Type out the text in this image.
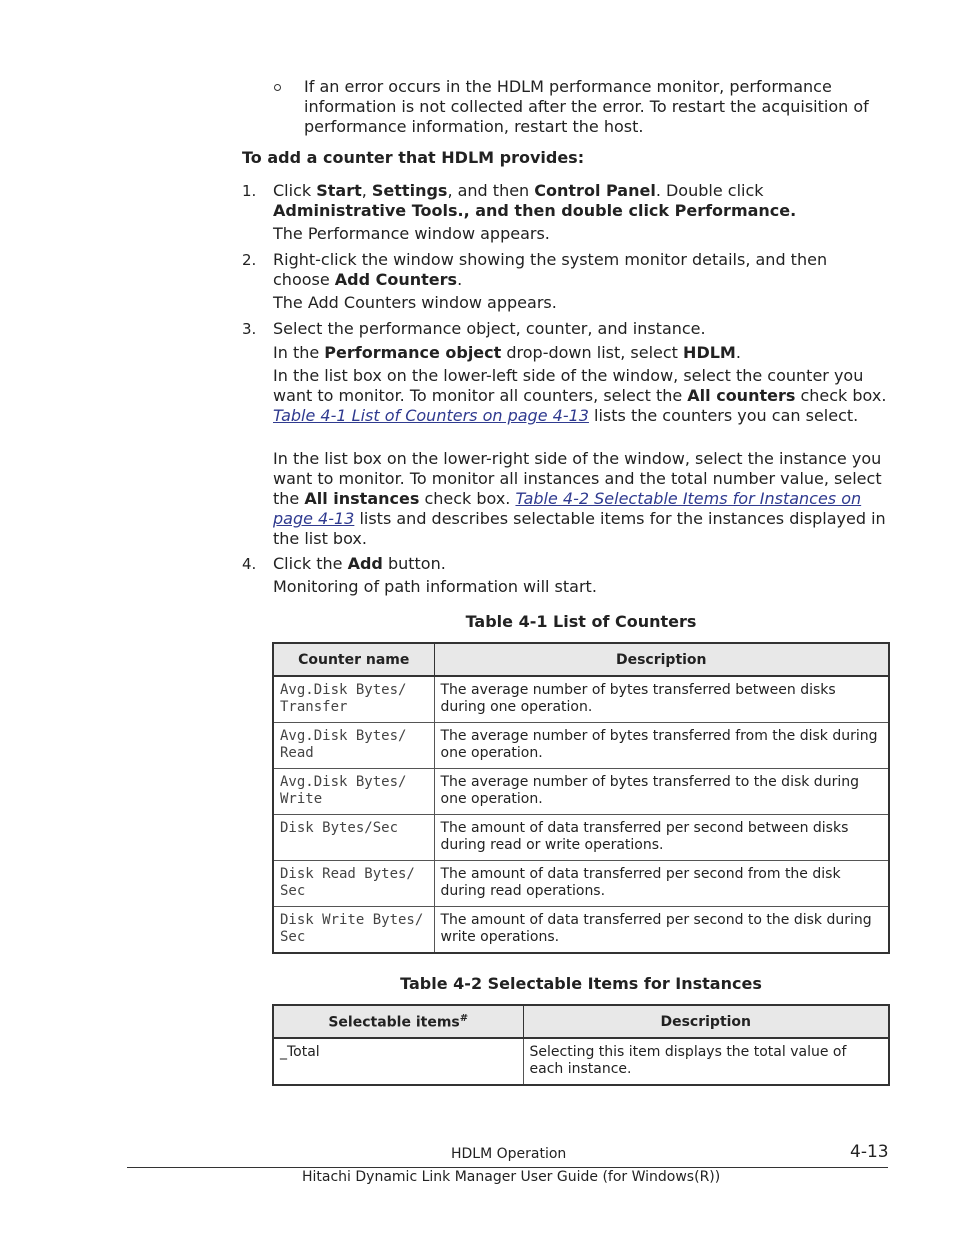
If an error occurs in the HDLM performance monitor, performance information is not collected after the error. To restart the acquisition of performance information, restart the host.

To add a counter that HDLM provides:

1.	Click Start, Settings, and then Control Panel. Double click
Administrative Tools., and then double click Performance.

The Performance window appears.

2.	Right-click the window showing the system monitor details, and then choose Add Counters.

The Add Counters window appears.

3.	Select the performance object, counter, and instance.

In the Performance object drop-down list, select HDLM.

In the list box on the lower-left side of the window, select the counter you want to monitor. To monitor all counters, select the All counters check box. Table 4-1 List of Counters on page 4-13 lists the counters you can select.

In the list box on the lower-right side of the window, select the instance you want to monitor. To monitor all instances and the total number value, select the All instances check box. Table 4-2 Selectable Items for Instances on page 4-13 lists and describes selectable items for the instances displayed in the list box.

4.	Click the Add button.

Monitoring of path information will start.

Table 4-1 List of Counters

Counter name	Description
Avg.Disk Bytes/ Transfer	The average number of bytes transferred between disks during one operation.
Avg.Disk Bytes/ Read	The average number of bytes transferred from the disk during one operation.
Avg.Disk Bytes/ Write	The average number of bytes transferred to the disk during one operation.
Disk Bytes/Sec	The amount of data transferred per second between disks during read or write operations.
Disk Read Bytes/ Sec	The amount of data transferred per second from the disk during read operations.
Disk Write Bytes/ Sec	The amount of data transferred per second to the disk during write operations.

Table 4-2 Selectable Items for Instances

Selectable items#	Description
_Total	Selecting this item displays the total value of each instance.

HDLM Operation	4-13

Hitachi Dynamic Link Manager User Guide (for Windows(R))
